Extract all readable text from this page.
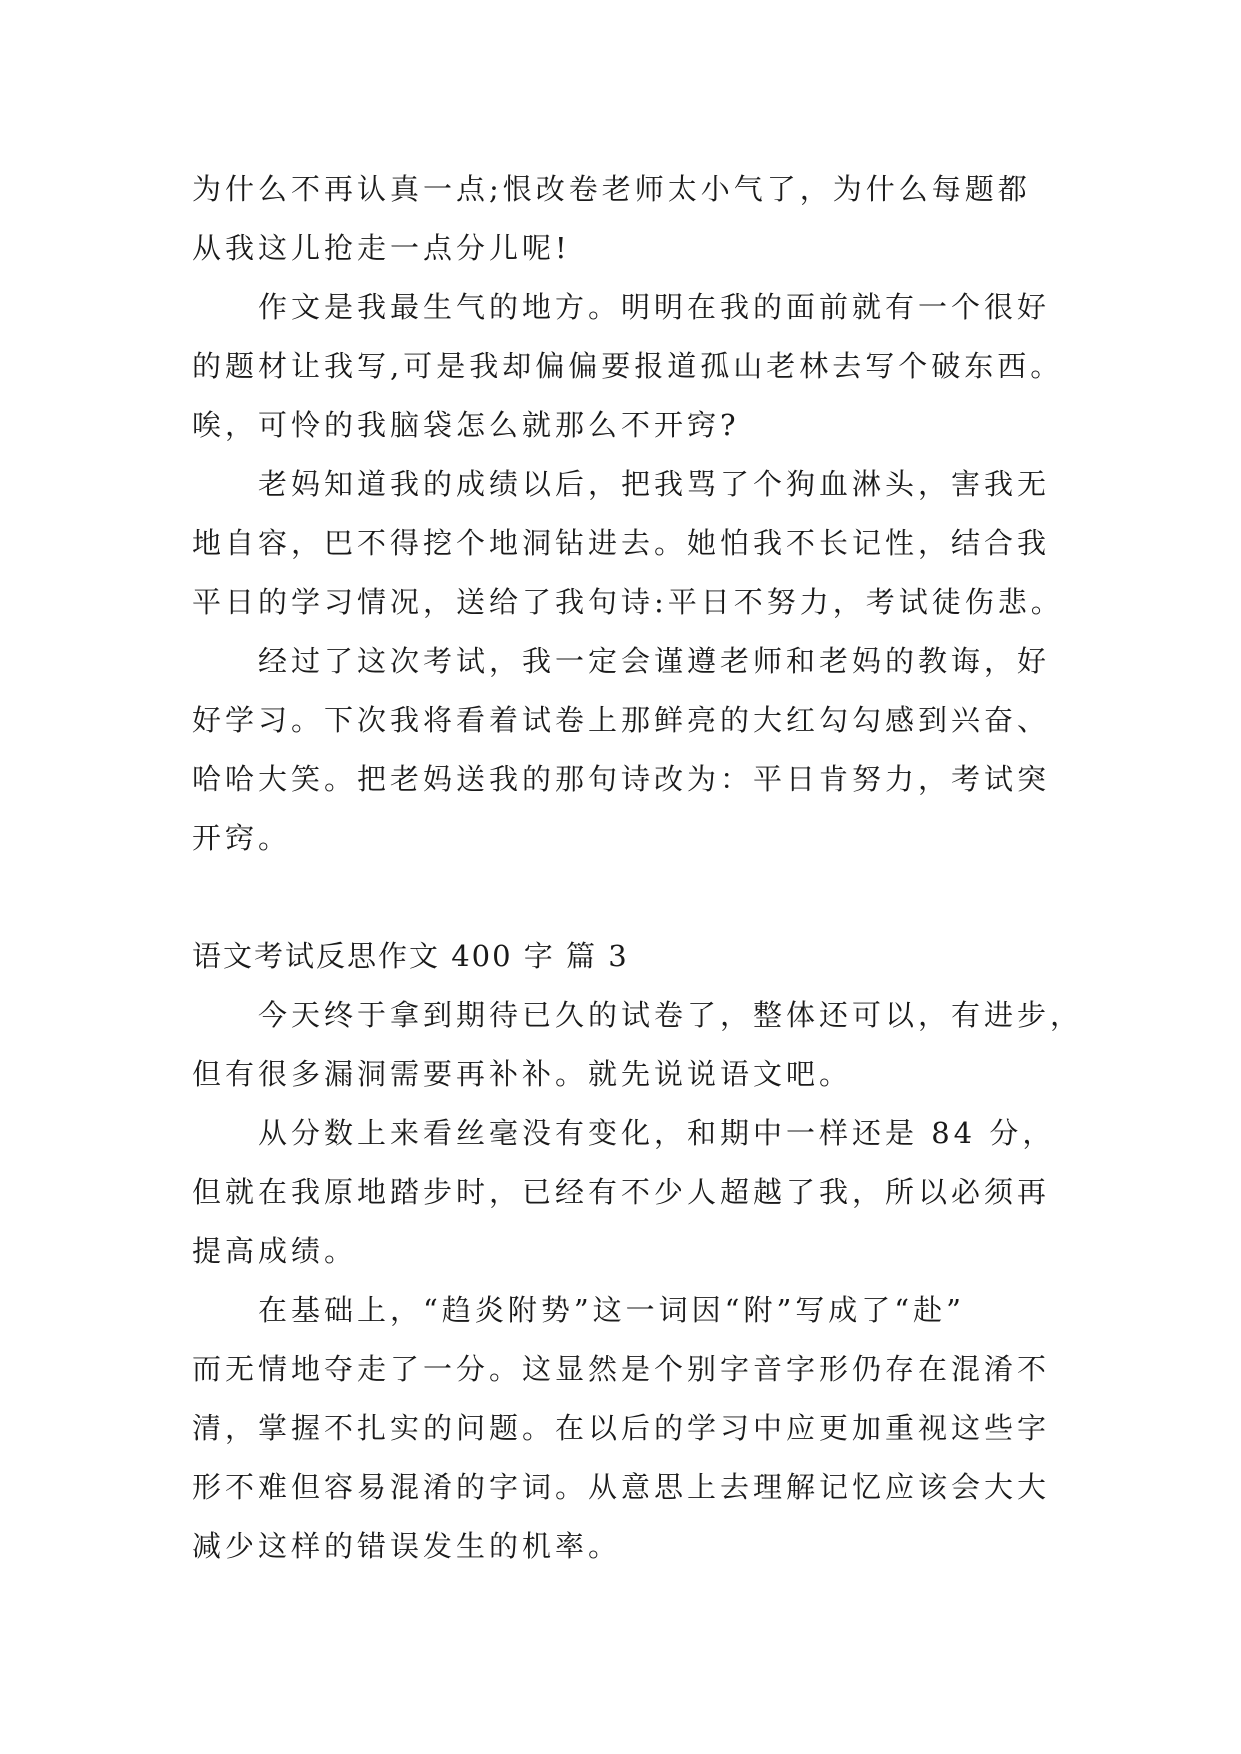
为什么不再认真一点;恨改卷老师太小气了，为什么每题都
从我这儿抢走一点分儿呢!
作文是我最生气的地方。明明在我的面前就有一个很好
的题材让我写,可是我却偏偏要报道孤山老林去写个破东西。
唉，可怜的我脑袋怎么就那么不开窍?
老妈知道我的成绩以后，把我骂了个狗血淋头，害我无
地自容，巴不得挖个地洞钻进去。她怕我不长记性，结合我
平日的学习情况，送给了我句诗:平日不努力，考试徒伤悲。
经过了这次考试，我一定会谨遵老师和老妈的教诲，好
好学习。下次我将看着试卷上那鲜亮的大红勾勾感到兴奋、
哈哈大笑。把老妈送我的那句诗改为：平日肯努力，考试突
开窍。
语文考试反思作文 400 字 篇 3
今天终于拿到期待已久的试卷了，整体还可以，有进步，
但有很多漏洞需要再补补。就先说说语文吧。
从分数上来看丝毫没有变化，和期中一样还是 84 分，
但就在我原地踏步时，已经有不少人超越了我，所以必须再
提高成绩。
在基础上，“趋炎附势”这一词因“附”写成了“赴”
而无情地夺走了一分。这显然是个别字音字形仍存在混淆不
清，掌握不扎实的问题。在以后的学习中应更加重视这些字
形不难但容易混淆的字词。从意思上去理解记忆应该会大大
减少这样的错误发生的机率。
